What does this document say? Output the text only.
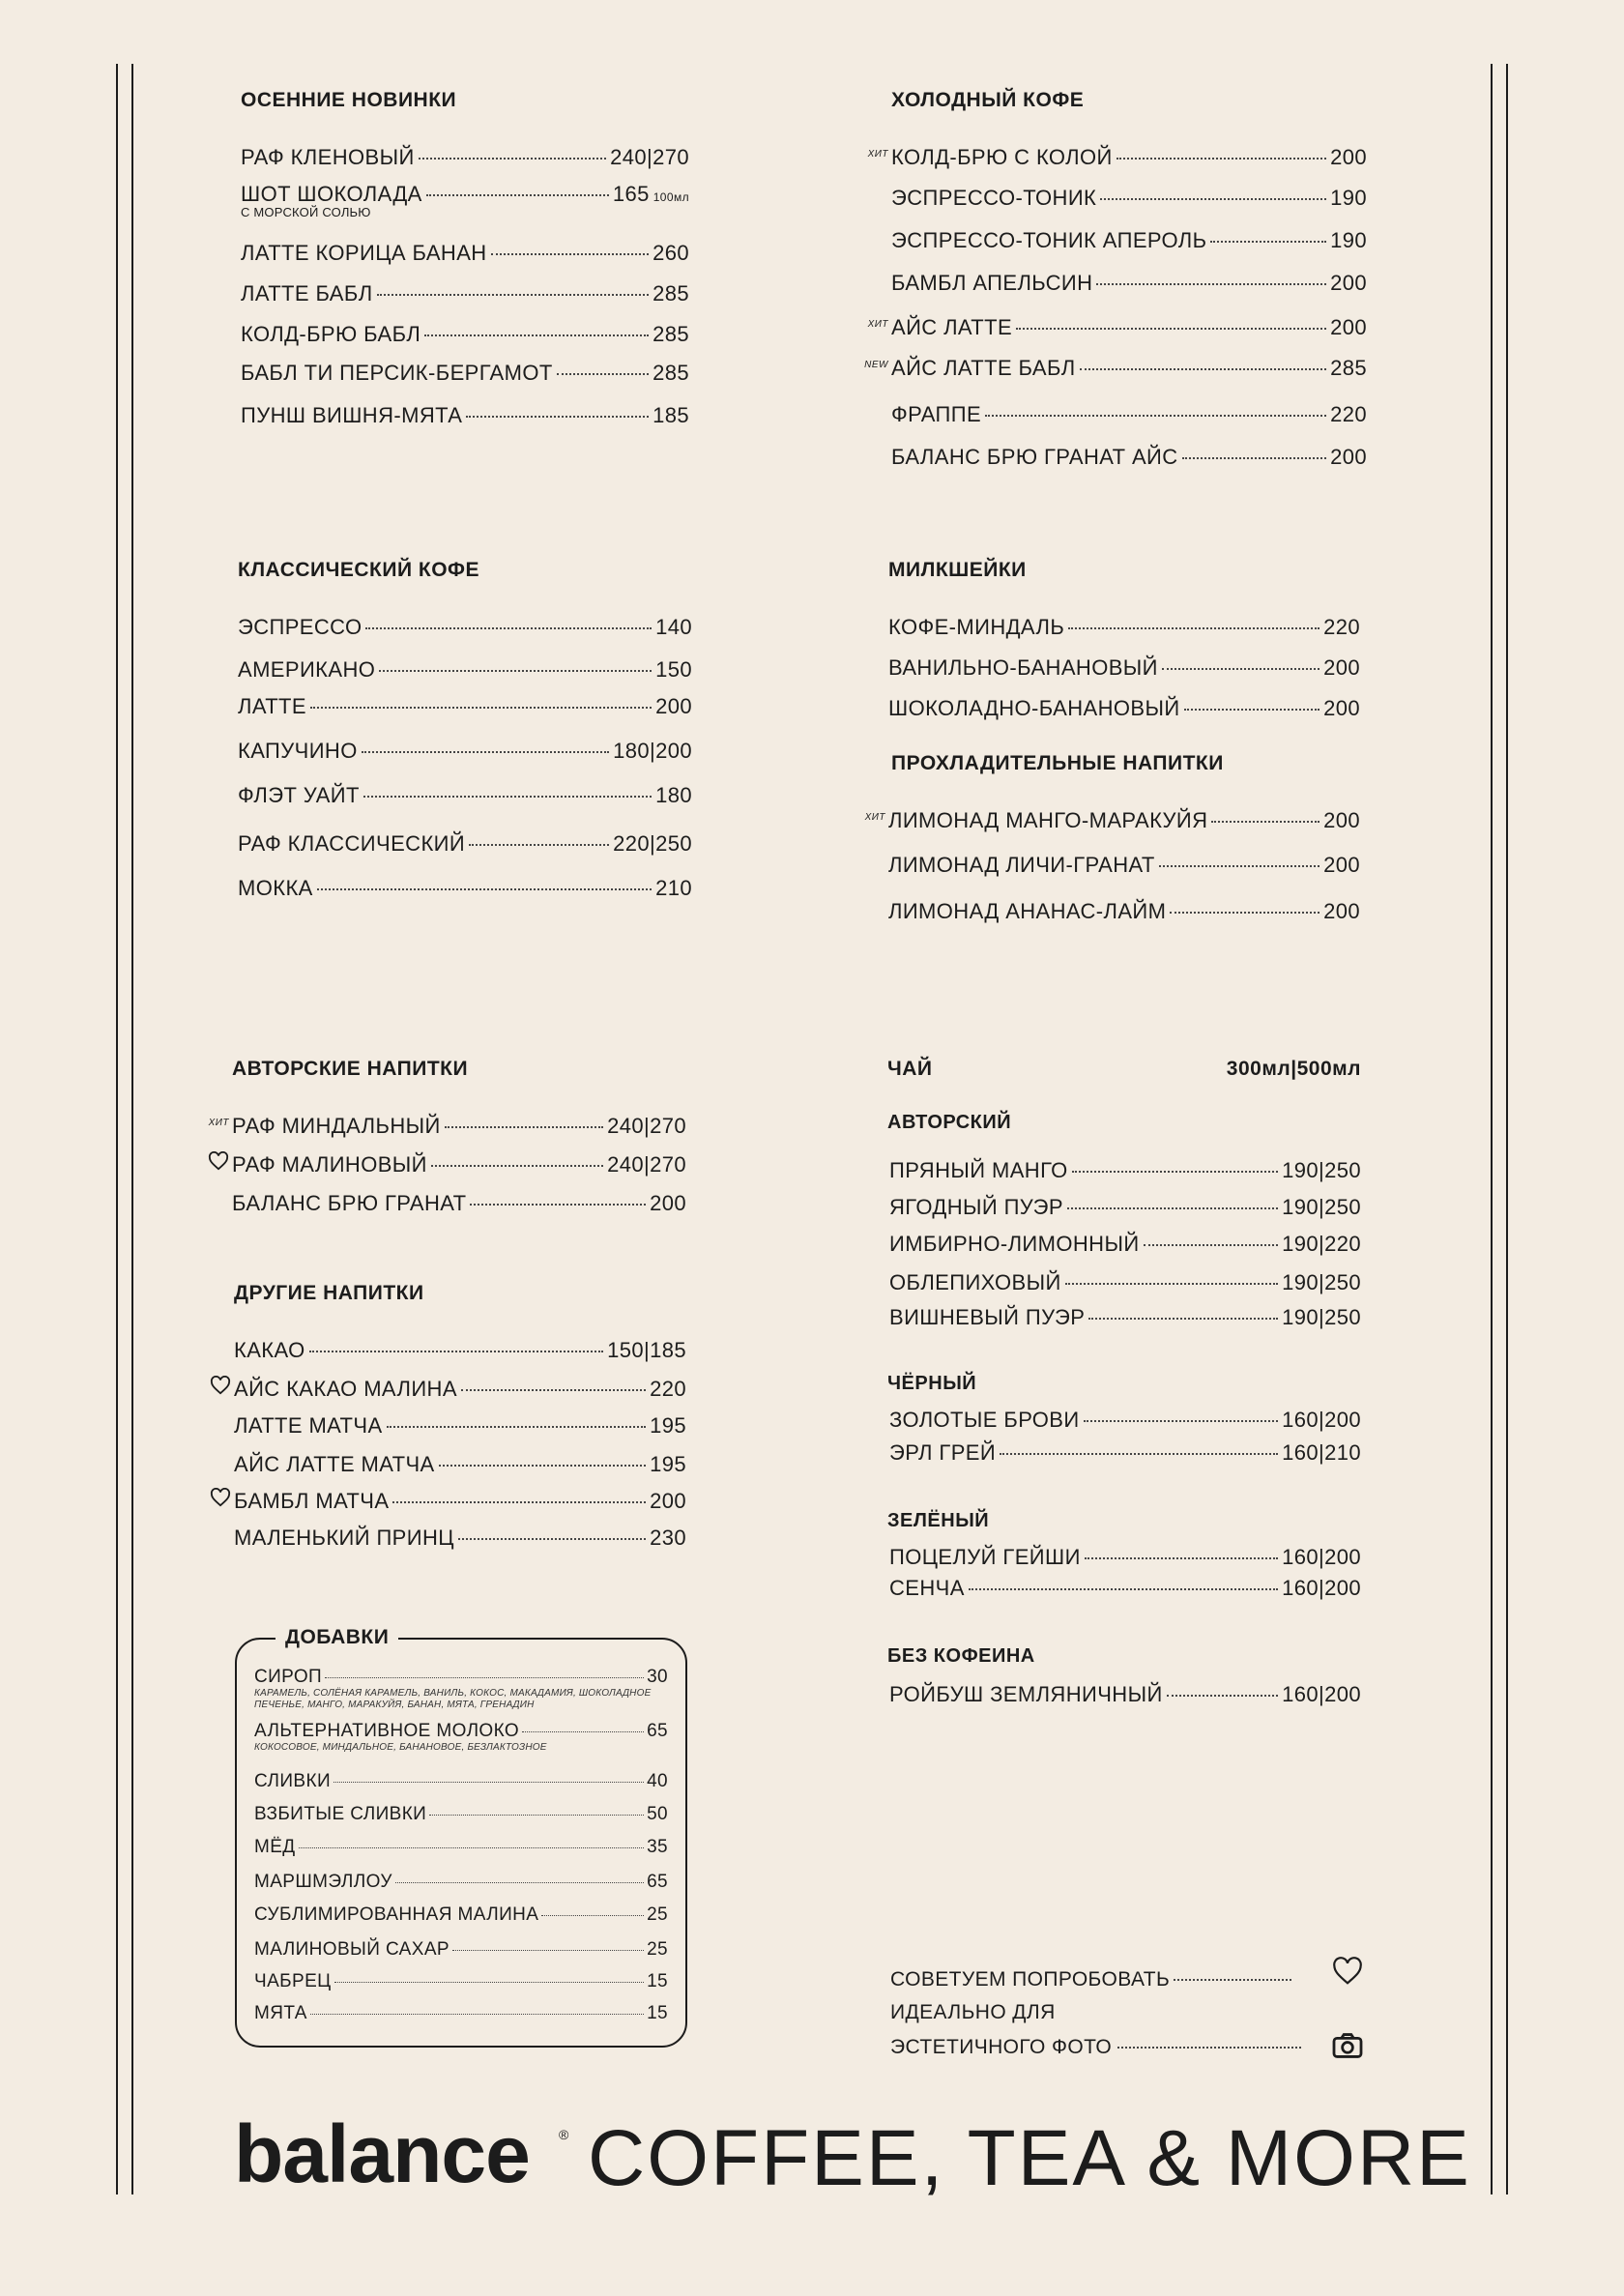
ОСЕННИЕ НОВИНКИ
РАФ КЛЕНОВЫЙ	240|270
ШОТ ШОКОЛАДА	165 100мл
С МОРСКОЙ СОЛЬЮ
ЛАТТЕ КОРИЦА БАНАН	260
ЛАТТЕ БАБЛ	285
КОЛД-БРЮ БАБЛ	285
БАБЛ ТИ ПЕРСИК-БЕРГАМОТ	285
ПУНШ ВИШНЯ-МЯТА	185
КЛАССИЧЕСКИЙ КОФЕ
ЭСПРЕССО	140
АМЕРИКАНО	150
ЛАТТЕ	200
КАПУЧИНО	180|200
ФЛЭТ УАЙТ	180
РАФ КЛАССИЧЕСКИЙ	220|250
МОККА	210
АВТОРСКИЕ НАПИТКИ
ХИТ РАФ МИНДАЛЬНЫЙ	240|270
РАФ МАЛИНОВЫЙ	240|270
БАЛАНС БРЮ ГРАНАТ	200
ДРУГИЕ НАПИТКИ
КАКАО	150|185
АЙС КАКАО МАЛИНА	220
ЛАТТЕ МАТЧА	195
АЙС ЛАТТЕ МАТЧА	195
БАМБЛ МАТЧА	200
МАЛЕНЬКИЙ ПРИНЦ	230
ДОБАВКИ
СИРОП	30
КАРАМЕЛЬ, СОЛЁНАЯ КАРАМЕЛЬ, ВАНИЛЬ, КОКОС, МАКАДАМИЯ, ШОКОЛАДНОЕ ПЕЧЕНЬЕ, МАНГО, МАРАКУЙЯ, БАНАН, МЯТА, ГРЕНАДИН
АЛЬТЕРНАТИВНОЕ МОЛОКО	65
КОКОСОВОЕ, МИНДАЛЬНОЕ, БАНАНОВОЕ, БЕЗЛАКТОЗНОЕ
СЛИВКИ	40
ВЗБИТЫЕ СЛИВКИ	50
МЁД	35
МАРШМЭЛЛОУ	65
СУБЛИМИРОВАННАЯ МАЛИНА	25
МАЛИНОВЫЙ САХАР	25
ЧАБРЕЦ	15
МЯТА	15
ХОЛОДНЫЙ КОФЕ
ХИТ КОЛД-БРЮ С КОЛОЙ	200
ЭСПРЕССО-ТОНИК	190
ЭСПРЕССО-ТОНИК АПЕРОЛЬ	190
БАМБЛ АПЕЛЬСИН	200
ХИТ АЙС ЛАТТЕ	200
NEW АЙС ЛАТТЕ БАБЛ	285
ФРАППЕ	220
БАЛАНС БРЮ ГРАНАТ АЙС	200
МИЛКШЕЙКИ
КОФЕ-МИНДАЛЬ	220
ВАНИЛЬНО-БАНАНОВЫЙ	200
ШОКОЛАДНО-БАНАНОВЫЙ	200
ПРОХЛАДИТЕЛЬНЫЕ НАПИТКИ
ХИТ ЛИМОНАД МАНГО-МАРАКУЙЯ	200
ЛИМОНАД ЛИЧИ-ГРАНАТ	200
ЛИМОНАД АНАНАС-ЛАЙМ	200
ЧАЙ	300мл|500мл
АВТОРСКИЙ
ПРЯНЫЙ МАНГО	190|250
ЯГОДНЫЙ ПУЭР	190|250
ИМБИРНО-ЛИМОННЫЙ	190|220
ОБЛЕПИХОВЫЙ	190|250
ВИШНЕВЫЙ ПУЭР	190|250
ЧЁРНЫЙ
ЗОЛОТЫЕ БРОВИ	160|200
ЭРЛ ГРЕЙ	160|210
ЗЕЛЁНЫЙ
ПОЦЕЛУЙ ГЕЙШИ	160|200
СЕНЧА	160|200
БЕЗ КОФЕИНА
РОЙБУШ ЗЕМЛЯНИЧНЫЙ	160|200
СОВЕТУЕМ ПОПРОБОВАТЬ
ИДЕАЛЬНО ДЛЯ
ЭСТЕТИЧНОГО ФОТО
balance ® COFFEE, TEA & MORE
